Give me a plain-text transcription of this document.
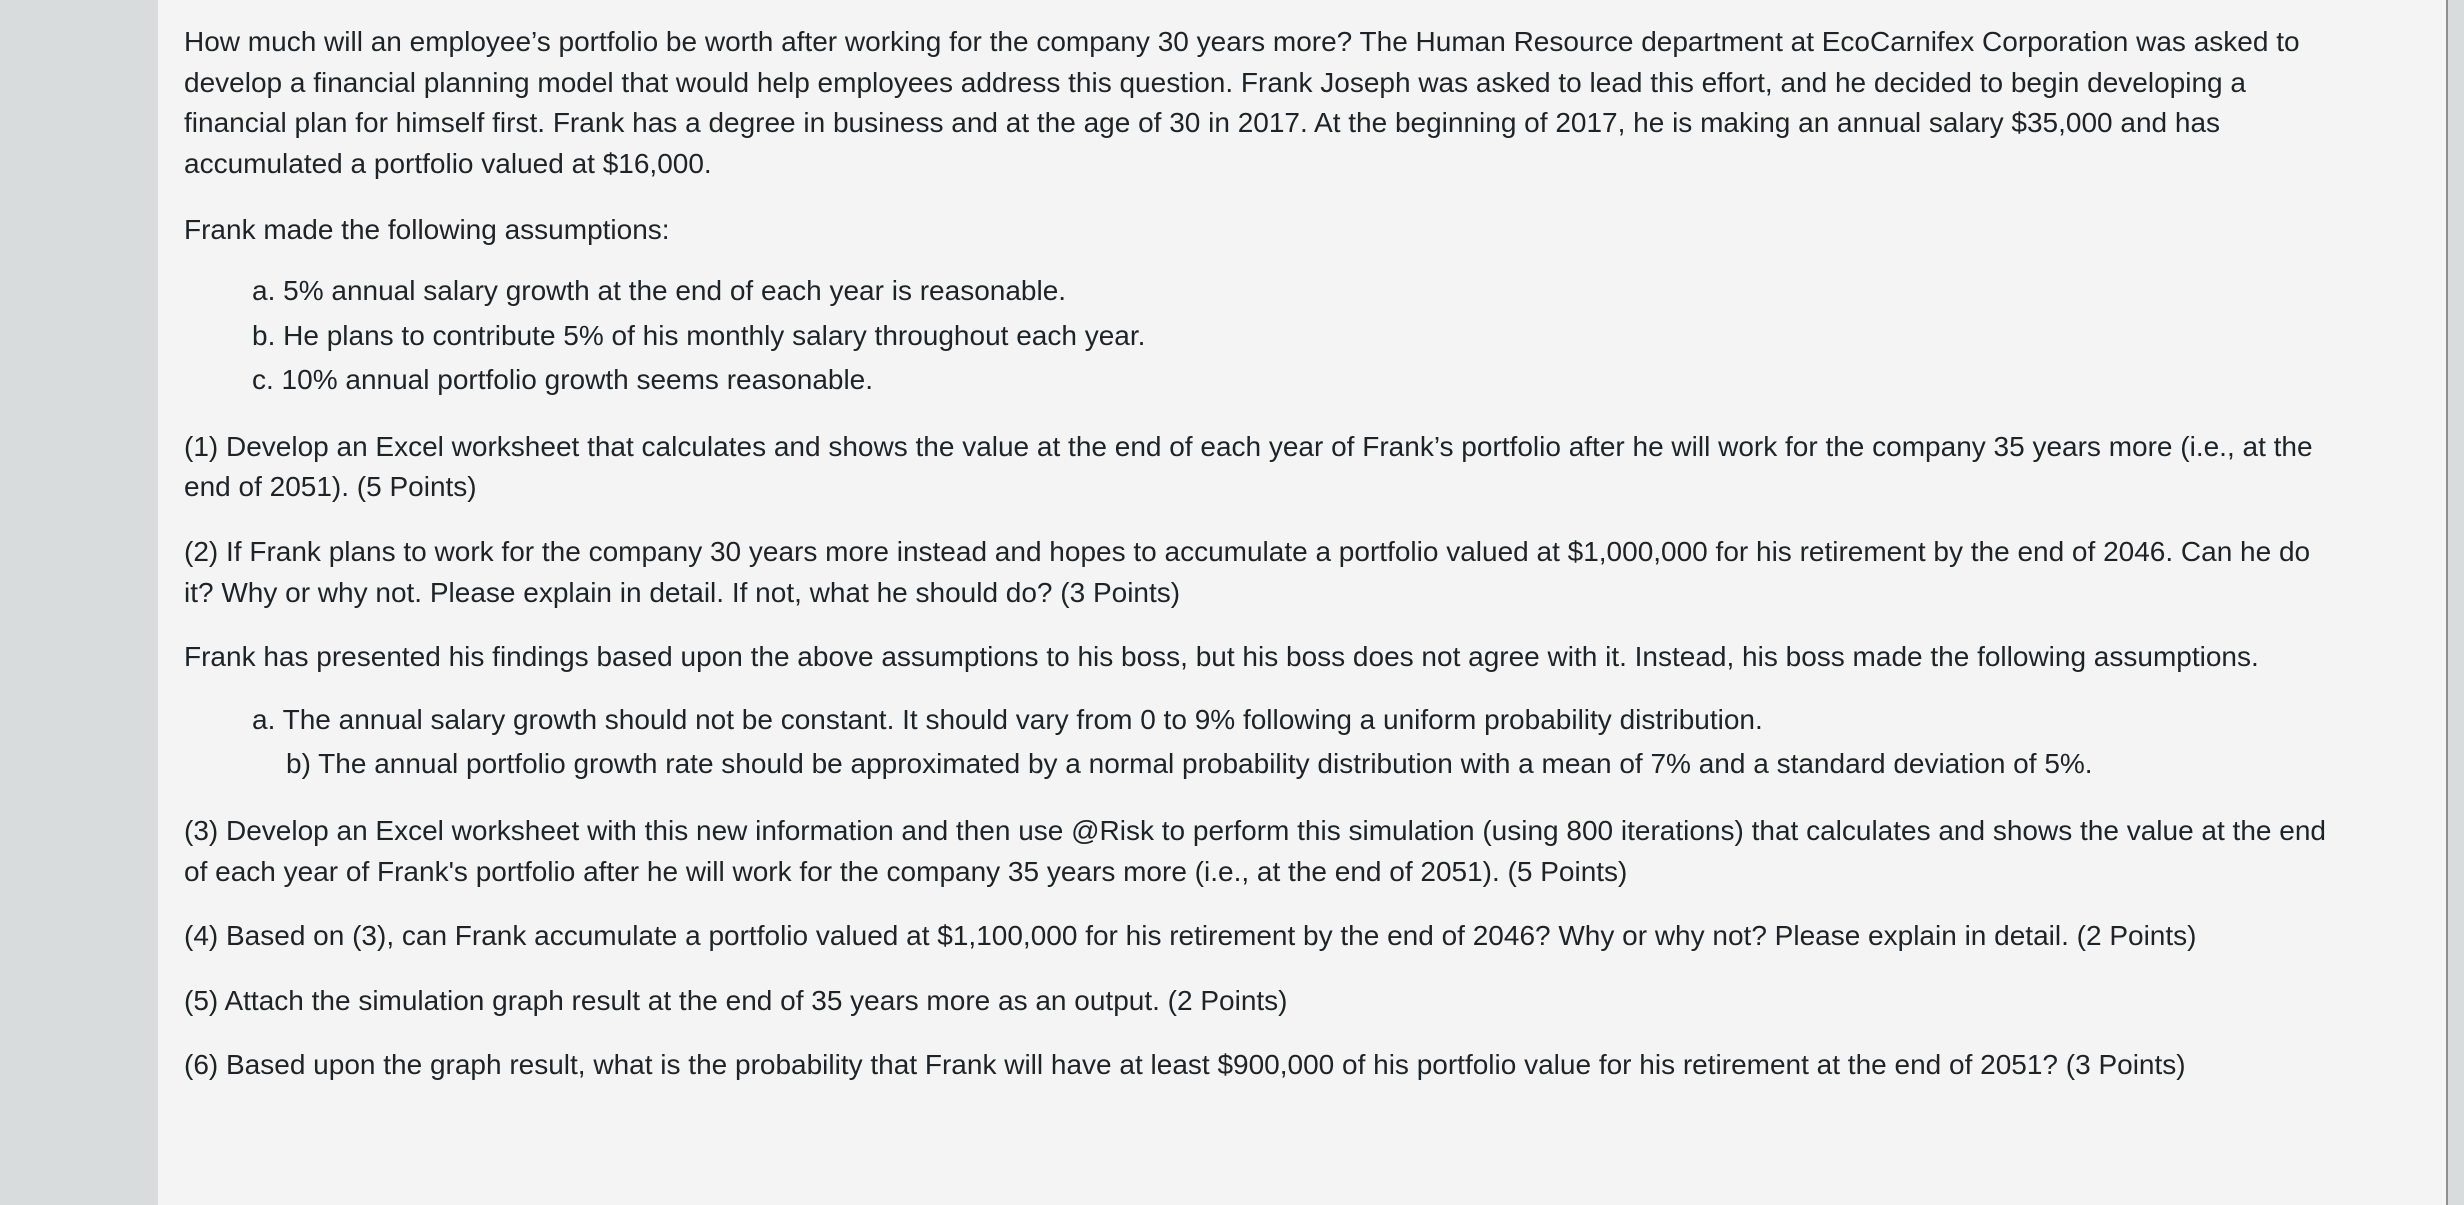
How much will an employee’s portfolio be worth after working for the company 30 years more? The Human Resource department at EcoCarnifex Corporation was asked to develop a financial planning model that would help employees address this question. Frank Joseph was asked to lead this effort, and he decided to begin developing a financial plan for himself first. Frank has a degree in business and at the age of 30 in 2017. At the beginning of 2017, he is making an annual salary $35,000 and has accumulated a portfolio valued at $16,000.

Frank made the following assumptions:

a. 5% annual salary growth at the end of each year is reasonable.
b. He plans to contribute 5% of his monthly salary throughout each year.
c. 10% annual portfolio growth seems reasonable.

(1) Develop an Excel worksheet that calculates and shows the value at the end of each year of Frank’s portfolio after he will work for the company 35 years more (i.e., at the end of 2051). (5 Points)

(2) If Frank plans to work for the company 30 years more instead and hopes to accumulate a portfolio valued at $1,000,000 for his retirement by the end of 2046. Can he do it? Why or why not. Please explain in detail. If not, what he should do? (3 Points)

Frank has presented his findings based upon the above assumptions to his boss, but his boss does not agree with it. Instead, his boss made the following assumptions.

a. The annual salary growth should not be constant. It should vary from 0 to 9% following a uniform probability distribution.
b) The annual portfolio growth rate should be approximated by a normal probability distribution with a mean of 7% and a standard deviation of 5%.

(3) Develop an Excel worksheet with this new information and then use @Risk to perform this simulation (using 800 iterations) that calculates and shows the value at the end of each year of Frank's portfolio after he will work for the company 35 years more (i.e., at the end of 2051). (5 Points)

(4) Based on (3), can Frank accumulate a portfolio valued at $1,100,000 for his retirement by the end of 2046? Why or why not? Please explain in detail. (2 Points)

(5) Attach the simulation graph result at the end of 35 years more as an output. (2 Points)

(6) Based upon the graph result, what is the probability that Frank will have at least $900,000 of his portfolio value for his retirement at the end of 2051? (3 Points)
